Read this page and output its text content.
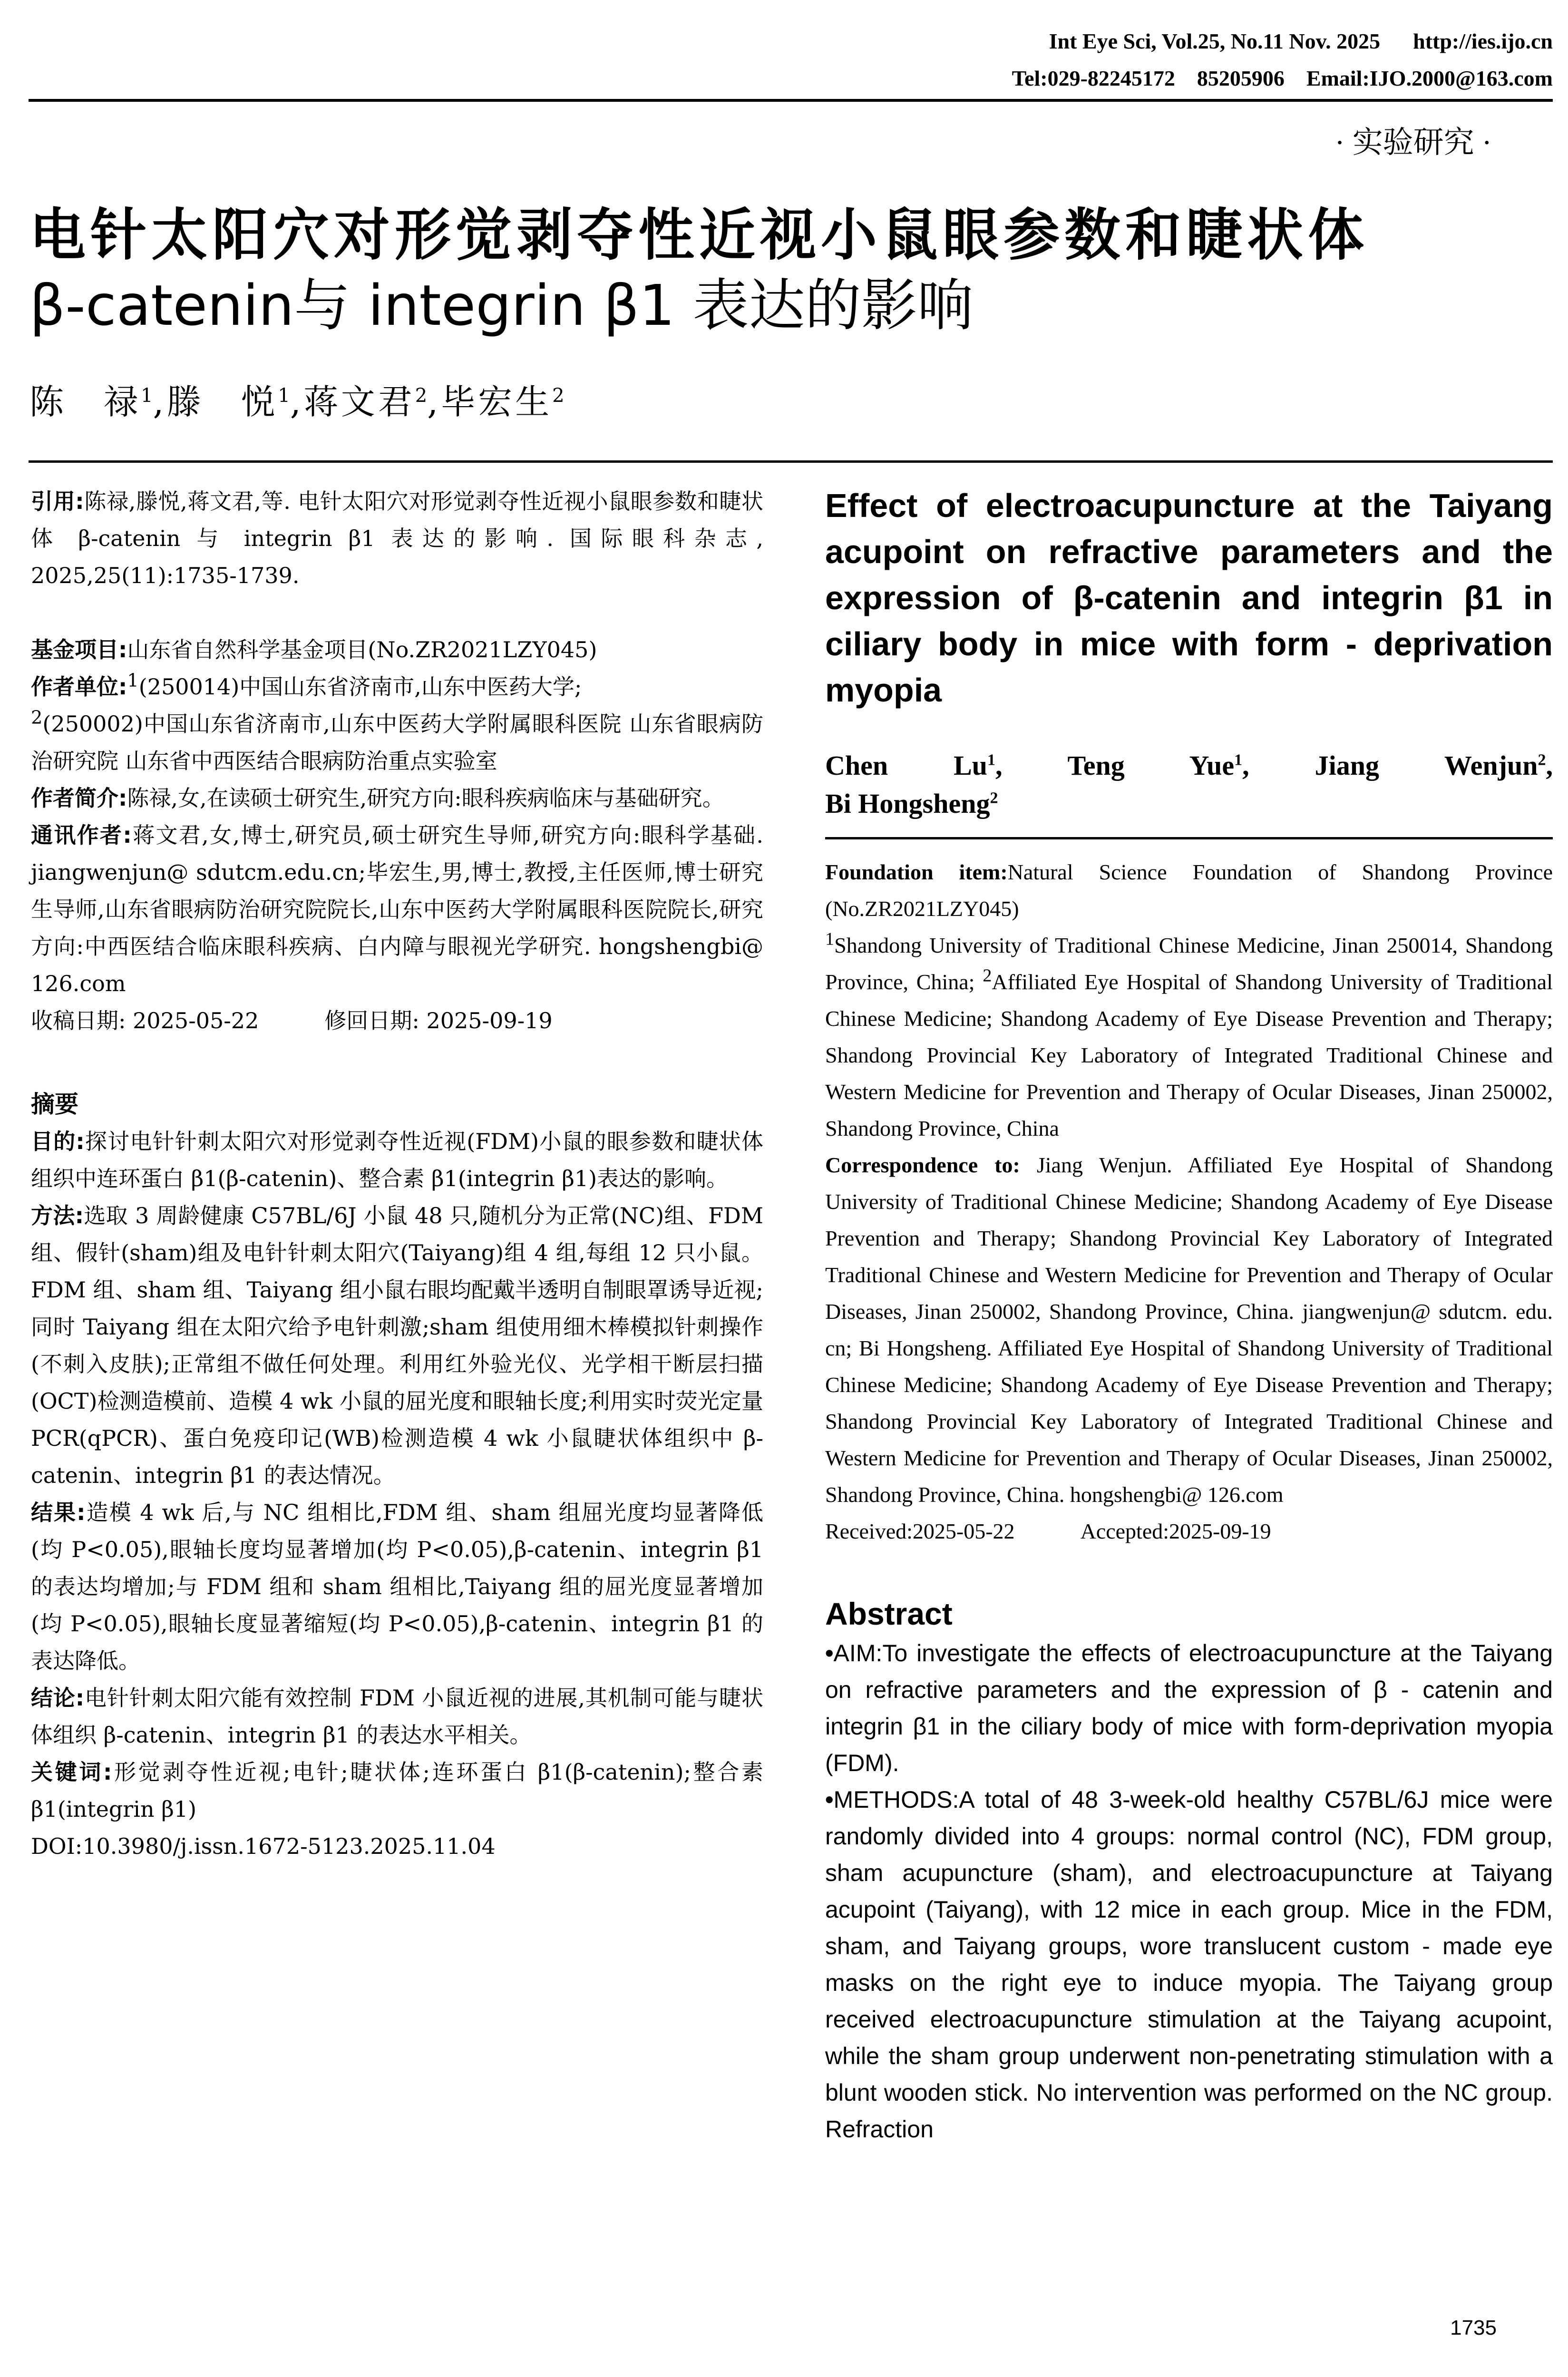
Int Eye Sci, Vol.25, No.11 Nov. 2025      http://ies.ijo.cn
Tel:029-82245172    85205906    Email:IJO.2000@163.com
· 实验研究 ·
电针太阳穴对形觉剥夺性近视小鼠眼参数和睫状体
β-catenin与 integrin β1 表达的影响
陈　禄$^1$,滕　悦$^1$,蒋文君$^2$,毕宏生$^2$

引用:陈禄,滕悦,蒋文君,等. 电针太阳穴对形觉剥夺性近视小鼠眼参数和睫状体 β-catenin 与 integrin β1 表达的影响. 国际眼科杂志, 2025,25(11):1735-1739.

基金项目:山东省自然科学基金项目(No.ZR2021LZY045)

作者单位:$^1$(250014)中国山东省济南市,山东中医药大学;
$^2$(250002)中国山东省济南市,山东中医药大学附属眼科医院 山东省眼病防治研究院 山东省中西医结合眼病防治重点实验室

作者简介:陈禄,女,在读硕士研究生,研究方向:眼科疾病临床与基础研究。

通讯作者:蒋文君,女,博士,研究员,硕士研究生导师,研究方向:眼科学基础. jiangwenjun@ sdutcm.edu.cn;毕宏生,男,博士,教授,主任医师,博士研究生导师,山东省眼病防治研究院院长,山东中医药大学附属眼科医院院长,研究方向:中西医结合临床眼科疾病、白内障与眼视光学研究. hongshengbi@ 126.com

收稿日期: 2025-05-22   	修回日期: 2025-09-19

摘要

目的:探讨电针针刺太阳穴对形觉剥夺性近视(FDM)小鼠的眼参数和睫状体组织中连环蛋白 β1(β-catenin)、整合素 β1(integrin β1)表达的影响。

方法:选取 3 周龄健康 C57BL/6J 小鼠 48 只,随机分为正常(NC)组、FDM 组、假针(sham)组及电针针刺太阳穴(Taiyang)组 4 组,每组 12 只小鼠。FDM 组、sham 组、Taiyang 组小鼠右眼均配戴半透明自制眼罩诱导近视;同时 Taiyang 组在太阳穴给予电针刺激;sham 组使用细木棒模拟针刺操作(不刺入皮肤);正常组不做任何处理。利用红外验光仪、光学相干断层扫描(OCT)检测造模前、造模 4 wk 小鼠的屈光度和眼轴长度;利用实时荧光定量 PCR(qPCR)、蛋白免疫印记(WB)检测造模 4 wk 小鼠睫状体组织中 β-catenin、integrin β1 的表达情况。

结果:造模 4 wk 后,与 NC 组相比,FDM 组、sham 组屈光度均显著降低(均 P<0.05),眼轴长度均显著增加(均 P<0.05),β-catenin、integrin β1 的表达均增加;与 FDM 组和 sham 组相比,Taiyang 组的屈光度显著增加(均 P<0.05),眼轴长度显著缩短(均 P<0.05),β-catenin、integrin β1 的表达降低。

结论:电针针刺太阳穴能有效控制 FDM 小鼠近视的进展,其机制可能与睫状体组织 β-catenin、integrin β1 的表达水平相关。

关键词:形觉剥夺性近视;电针;睫状体;连环蛋白 β1(β-catenin);整合素 β1(integrin β1)

DOI:10.3980/j.issn.1672-5123.2025.11.04

Effect of electroacupuncture at the Taiyang acupoint on refractive parameters and the expression of β-catenin and integrin β1 in ciliary body in mice with form - deprivation myopia

Chen Lu$^1$, Teng Yue$^1$, Jiang Wenjun$^2$,
Bi Hongsheng$^2$

Foundation item:Natural Science Foundation of Shandong Province (No.ZR2021LZY045)

$^1$Shandong University of Traditional Chinese Medicine, Jinan 250014, Shandong Province, China; $^2$Affiliated Eye Hospital of Shandong University of Traditional Chinese Medicine; Shandong Academy of Eye Disease Prevention and Therapy; Shandong Provincial Key Laboratory of Integrated Traditional Chinese and Western Medicine for Prevention and Therapy of Ocular Diseases, Jinan 250002, Shandong Province, China

Correspondence to: Jiang Wenjun. Affiliated Eye Hospital of Shandong University of Traditional Chinese Medicine; Shandong Academy of Eye Disease Prevention and Therapy; Shandong Provincial Key Laboratory of Integrated Traditional Chinese and Western Medicine for Prevention and Therapy of Ocular Diseases, Jinan 250002, Shandong Province, China. jiangwenjun@ sdutcm. edu. cn; Bi Hongsheng. Affiliated Eye Hospital of Shandong University of Traditional Chinese Medicine; Shandong Academy of Eye Disease Prevention and Therapy; Shandong Provincial Key Laboratory of Integrated Traditional Chinese and Western Medicine for Prevention and Therapy of Ocular Diseases, Jinan 250002, Shandong Province, China. hongshengbi@ 126.com

Received:2025-05-22   	Accepted:2025-09-19

Abstract

•AIM:To investigate the effects of electroacupuncture at the Taiyang on refractive parameters and the expression of β - catenin and integrin β1 in the ciliary body of mice with form-deprivation myopia (FDM).

•METHODS:A total of 48 3-week-old healthy C57BL/6J mice were randomly divided into 4 groups: normal control (NC), FDM group, sham acupuncture (sham), and electroacupuncture at Taiyang acupoint (Taiyang), with 12 mice in each group. Mice in the FDM, sham, and Taiyang groups, wore translucent custom - made eye masks on the right eye to induce myopia. The Taiyang group received electroacupuncture stimulation at the Taiyang acupoint, while the sham group underwent non-penetrating stimulation with a blunt wooden stick. No intervention was performed on the NC group. Refraction

1735
